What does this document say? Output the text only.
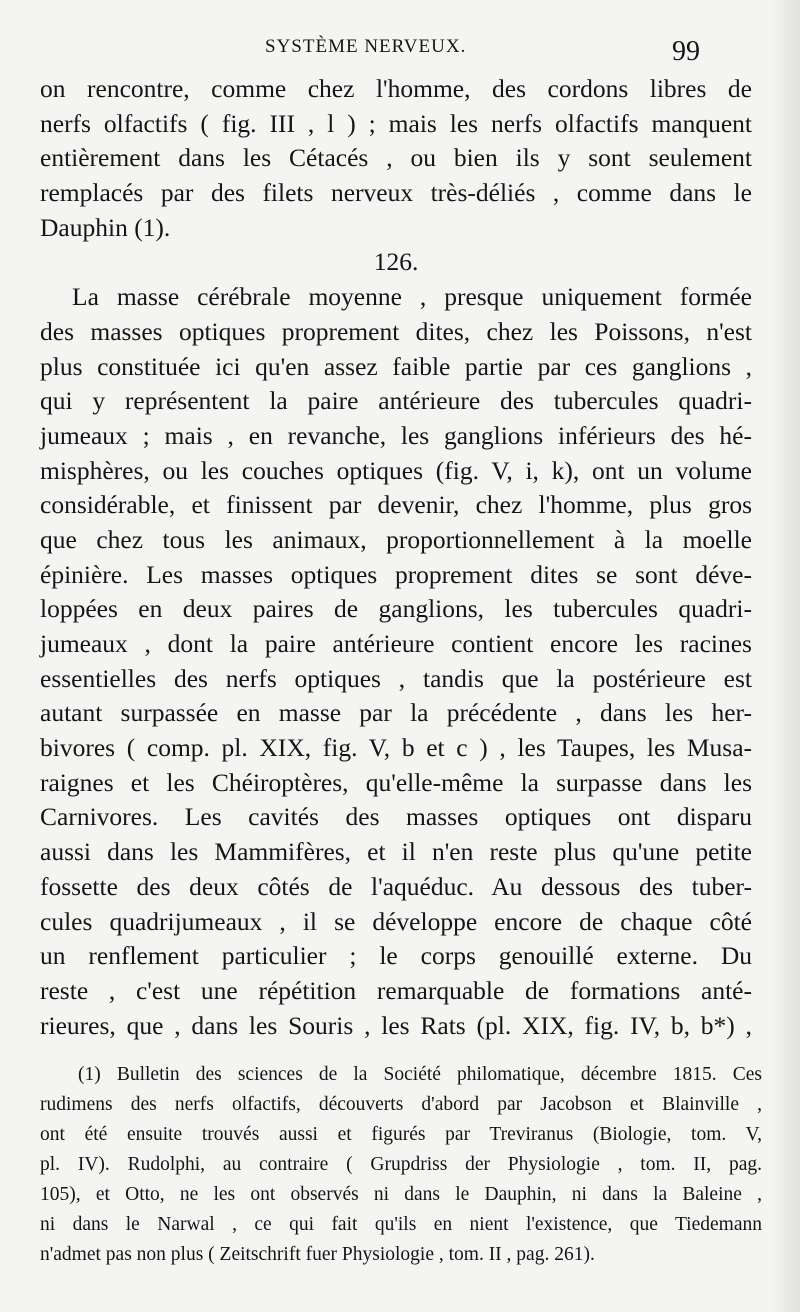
SYSTÈME NERVEUX.	99
on rencontre, comme chez l'homme, des cordons libres de
nerfs olfactifs ( fig. III , l ) ; mais les nerfs olfactifs manquent
entièrement dans les Cétacés , ou bien ils y sont seulement
remplacés par des filets nerveux très-déliés , comme dans le
Dauphin (1).
126.
La masse cérébrale moyenne , presque uniquement formée
des masses optiques proprement dites, chez les Poissons, n'est
plus constituée ici qu'en assez faible partie par ces ganglions ,
qui y représentent la paire antérieure des tubercules quadri-
jumeaux ; mais , en revanche, les ganglions inférieurs des hé-
misphères, ou les couches optiques (fig. V, i, k), ont un volume
considérable, et finissent par devenir, chez l'homme, plus gros
que chez tous les animaux, proportionnellement à la moelle
épinière. Les masses optiques proprement dites se sont déve-
loppées en deux paires de ganglions, les tubercules quadri-
jumeaux , dont la paire antérieure contient encore les racines
essentielles des nerfs optiques , tandis que la postérieure est
autant surpassée en masse par la précédente , dans les her-
bivores ( comp. pl. XIX, fig. V, b et c ) , les Taupes, les Musa-
raignes et les Chéiroptères, qu'elle-même la surpasse dans les
Carnivores. Les cavités des masses optiques ont disparu
aussi dans les Mammifères, et il n'en reste plus qu'une petite
fossette des deux côtés de l'aquéduc. Au dessous des tuber-
cules quadrijumeaux , il se développe encore de chaque côté
un renflement particulier ; le corps genouillé externe. Du
reste , c'est une répétition remarquable de formations anté-
rieures, que , dans les Souris , les Rats (pl. XIX, fig. IV, b, b*) ,
(1) Bulletin des sciences de la Société philomatique, décembre 1815. Ces
rudimens des nerfs olfactifs, découverts d'abord par Jacobson et Blainville ,
ont été ensuite trouvés aussi et figurés par Treviranus (Biologie, tom. V,
pl. IV). Rudolphi, au contraire ( Grupdriss der Physiologie , tom. II, pag.
105), et Otto, ne les ont observés ni dans le Dauphin, ni dans la Baleine ,
ni dans le Narwal , ce qui fait qu'ils en nient l'existence, que Tiedemann
n'admet pas non plus ( Zeitschrift fuer Physiologie , tom. II , pag. 261).
